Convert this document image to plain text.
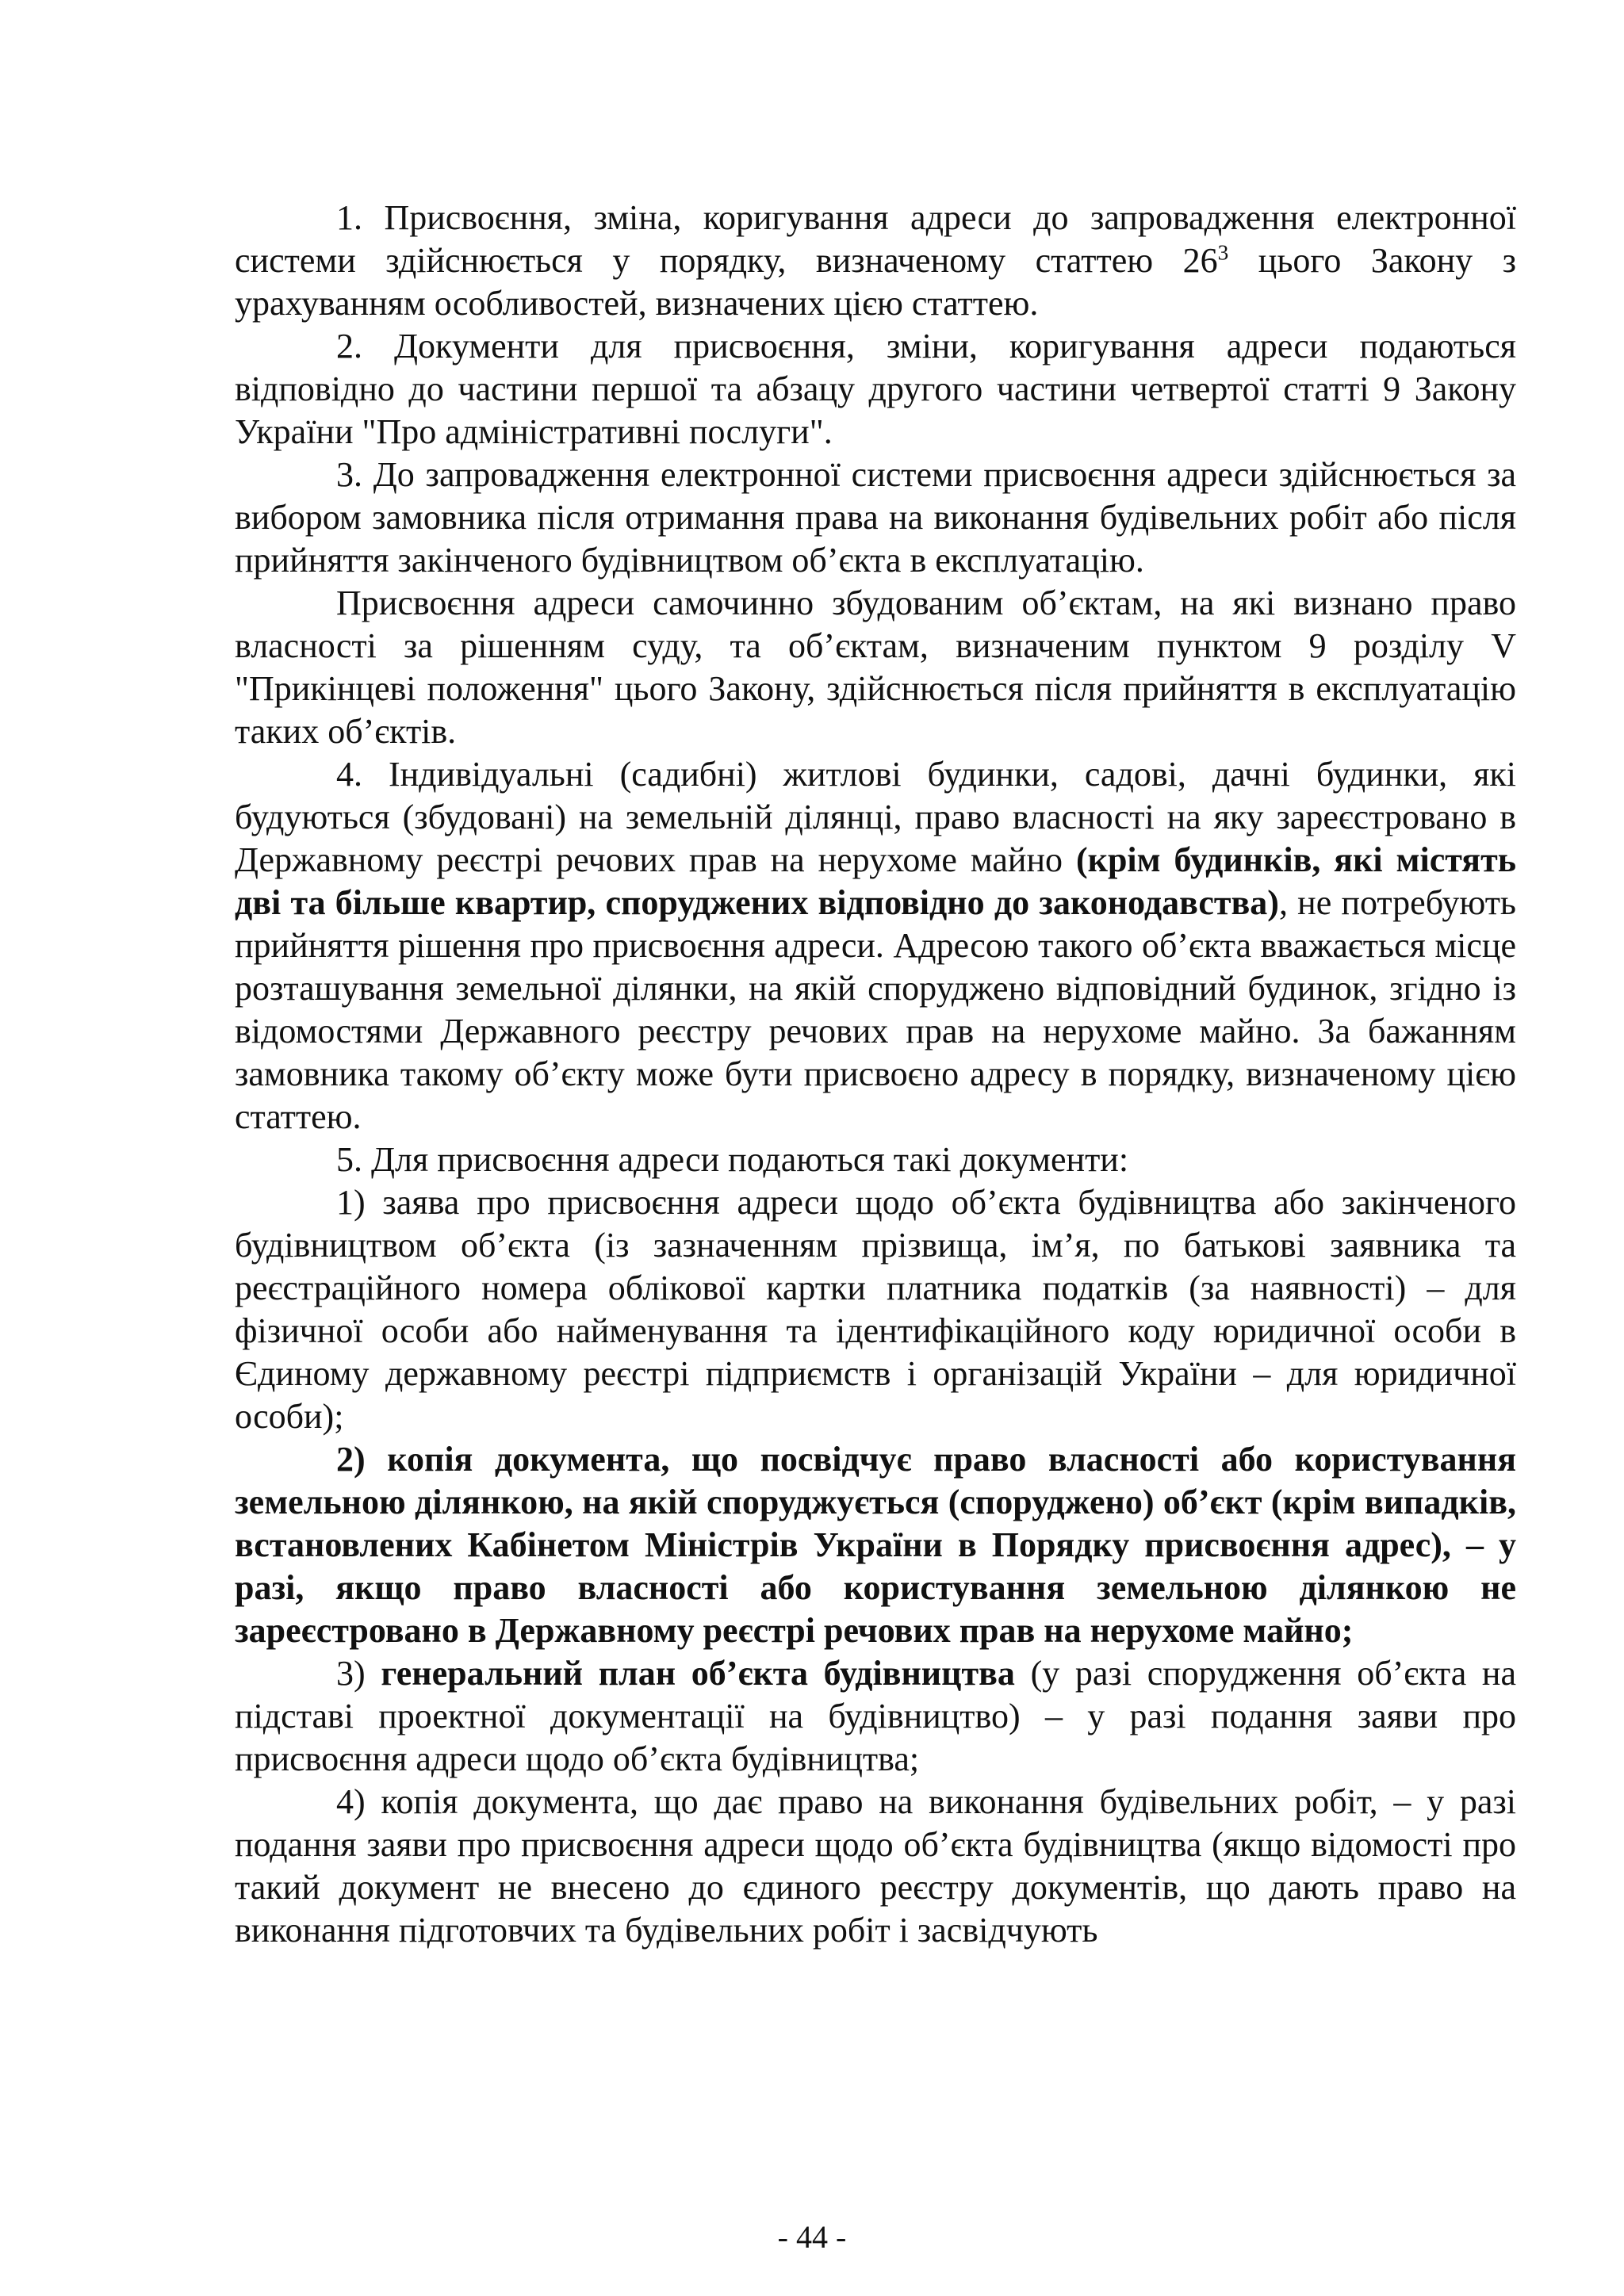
1. Присвоєння, зміна, коригування адреси до запровадження електронної системи здійснюється у порядку, визначеному статтею $26^3$ цього Закону з урахуванням особливостей, визначених цією статтею.

2. Документи для присвоєння, зміни, коригування адреси подаються відповідно до частини першої та абзацу другого частини четвертої статті 9 Закону України "Про адміністративні послуги".

3. До запровадження електронної системи присвоєння адреси здійснюється за вибором замовника після отримання права на виконання будівельних робіт або після прийняття закінченого будівництвом об’єкта в експлуатацію.

Присвоєння адреси самочинно збудованим об’єктам, на які визнано право власності за рішенням суду, та об’єктам, визначеним пунктом 9 розділу V "Прикінцеві положення" цього Закону, здійснюється після прийняття в експлуатацію таких об’єктів.

4. Індивідуальні (садибні) житлові будинки, садові, дачні будинки, які будуються (збудовані) на земельній ділянці, право власності на яку зареєстровано в Державному реєстрі речових прав на нерухоме майно (крім будинків, які містять дві та більше квартир, споруджених відповідно до законодавства), не потребують прийняття рішення про присвоєння адреси. Адресою такого об’єкта вважається місце розташування земельної ділянки, на якій споруджено відповідний будинок, згідно із відомостями Державного реєстру речових прав на нерухоме майно. За бажанням замовника такому об’єкту може бути присвоєно адресу в порядку, визначеному цією статтею.

5. Для присвоєння адреси подаються такі документи:

1) заява про присвоєння адреси щодо об’єкта будівництва або закінченого будівництвом об’єкта (із зазначенням прізвища, ім’я, по батькові заявника та реєстраційного номера облікової картки платника податків (за наявності) – для фізичної особи або найменування та ідентифікаційного коду юридичної особи в Єдиному державному реєстрі підприємств і організацій України – для юридичної особи);

2) копія документа, що посвідчує право власності або користування земельною ділянкою, на якій споруджується (споруджено) об’єкт (крім випадків, встановлених Кабінетом Міністрів України в Порядку присвоєння адрес), – у разі, якщо право власності або користування земельною ділянкою не зареєстровано в Державному реєстрі речових прав на нерухоме майно;

3) генеральний план об’єкта будівництва (у разі спорудження об’єкта на підставі проектної документації на будівництво) – у разі подання заяви про присвоєння адреси щодо об’єкта будівництва;

4) копія документа, що дає право на виконання будівельних робіт, – у разі подання заяви про присвоєння адреси щодо об’єкта будівництва (якщо відомості про такий документ не внесено до єдиного реєстру документів, що дають право на виконання підготовчих та будівельних робіт і засвідчують

- 44 -
